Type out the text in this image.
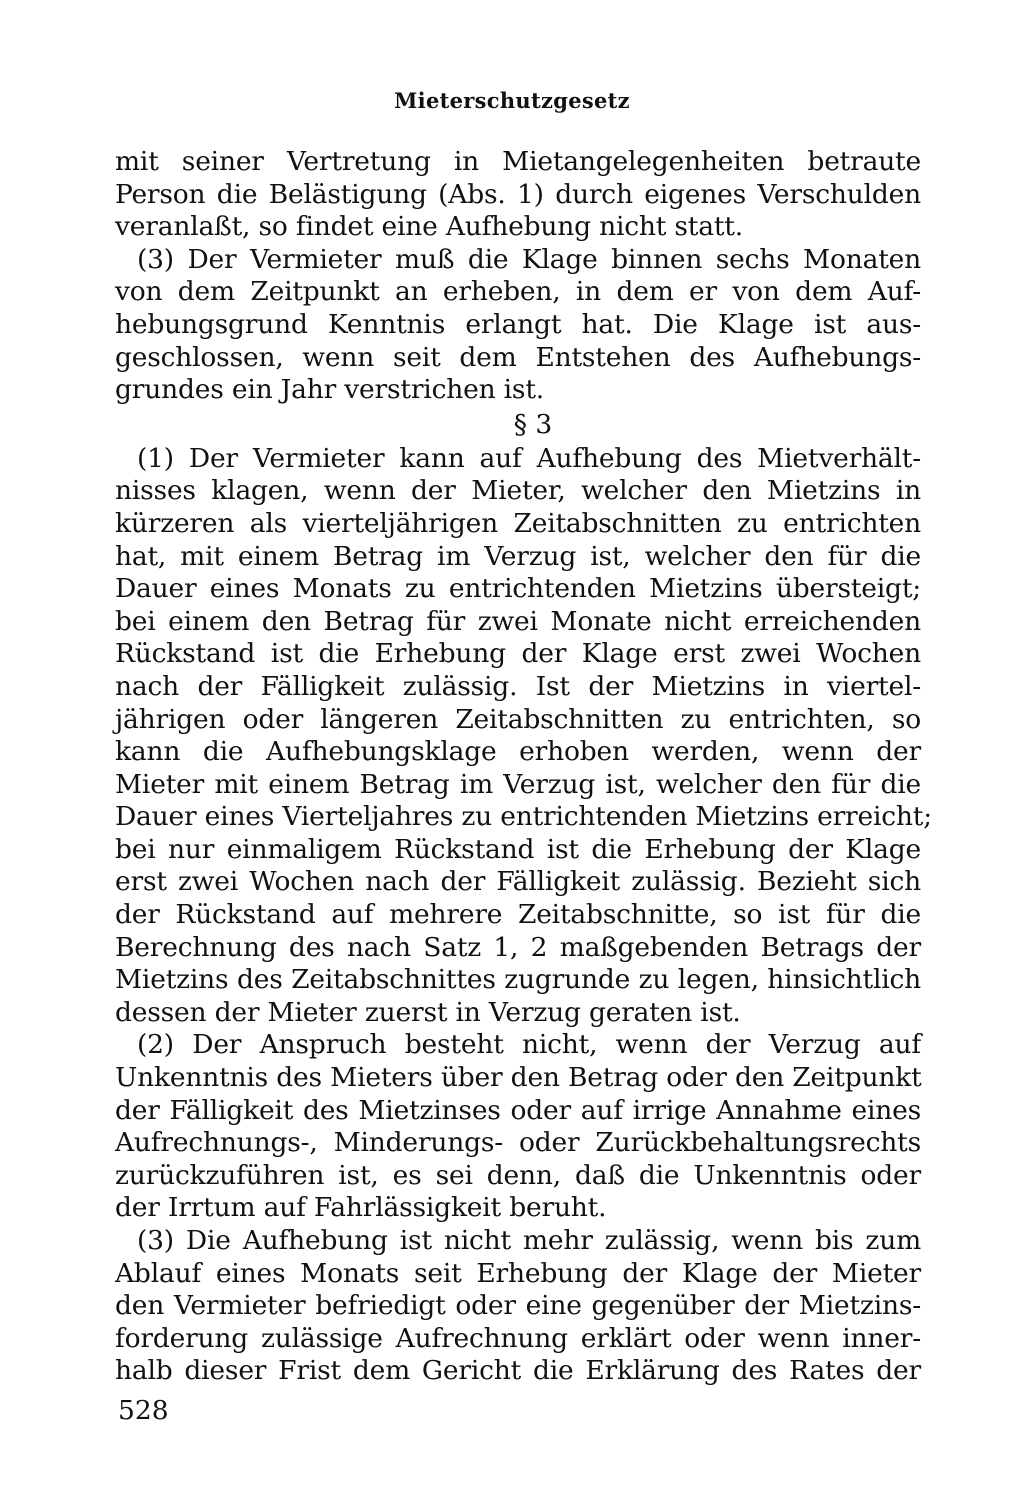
Mieterschutzgesetz
mit seiner Vertretung in Mietangelegenheiten betraute
Person die Belästigung (Abs. 1) durch eigenes Verschulden
veranlaßt, so findet eine Aufhebung nicht statt.
(3) Der Vermieter muß die Klage binnen sechs Monaten
von dem Zeitpunkt an erheben, in dem er von dem Auf-
hebungsgrund Kenntnis erlangt hat. Die Klage ist aus-
geschlossen, wenn seit dem Entstehen des Aufhebungs-
grundes ein Jahr verstrichen ist.
§ 3
(1) Der Vermieter kann auf Aufhebung des Mietverhält-
nisses klagen, wenn der Mieter, welcher den Mietzins in
kürzeren als vierteljährigen Zeitabschnitten zu entrichten
hat, mit einem Betrag im Verzug ist, welcher den für die
Dauer eines Monats zu entrichtenden Mietzins übersteigt;
bei einem den Betrag für zwei Monate nicht erreichenden
Rückstand ist die Erhebung der Klage erst zwei Wochen
nach der Fälligkeit zulässig. Ist der Mietzins in viertel-
jährigen oder längeren Zeitabschnitten zu entrichten, so
kann die Aufhebungsklage erhoben werden, wenn der
Mieter mit einem Betrag im Verzug ist, welcher den für die
Dauer eines Vierteljahres zu entrichtenden Mietzins erreicht;
bei nur einmaligem Rückstand ist die Erhebung der Klage
erst zwei Wochen nach der Fälligkeit zulässig. Bezieht sich
der Rückstand auf mehrere Zeitabschnitte, so ist für die
Berechnung des nach Satz 1, 2 maßgebenden Betrags der
Mietzins des Zeitabschnittes zugrunde zu legen, hinsichtlich
dessen der Mieter zuerst in Verzug geraten ist.
(2) Der Anspruch besteht nicht, wenn der Verzug auf
Unkenntnis des Mieters über den Betrag oder den Zeitpunkt
der Fälligkeit des Mietzinses oder auf irrige Annahme eines
Aufrechnungs-, Minderungs- oder Zurückbehaltungsrechts
zurückzuführen ist, es sei denn, daß die Unkenntnis oder
der Irrtum auf Fahrlässigkeit beruht.
(3) Die Aufhebung ist nicht mehr zulässig, wenn bis zum
Ablauf eines Monats seit Erhebung der Klage der Mieter
den Vermieter befriedigt oder eine gegenüber der Mietzins-
forderung zulässige Aufrechnung erklärt oder wenn inner-
halb dieser Frist dem Gericht die Erklärung des Rates der
528
